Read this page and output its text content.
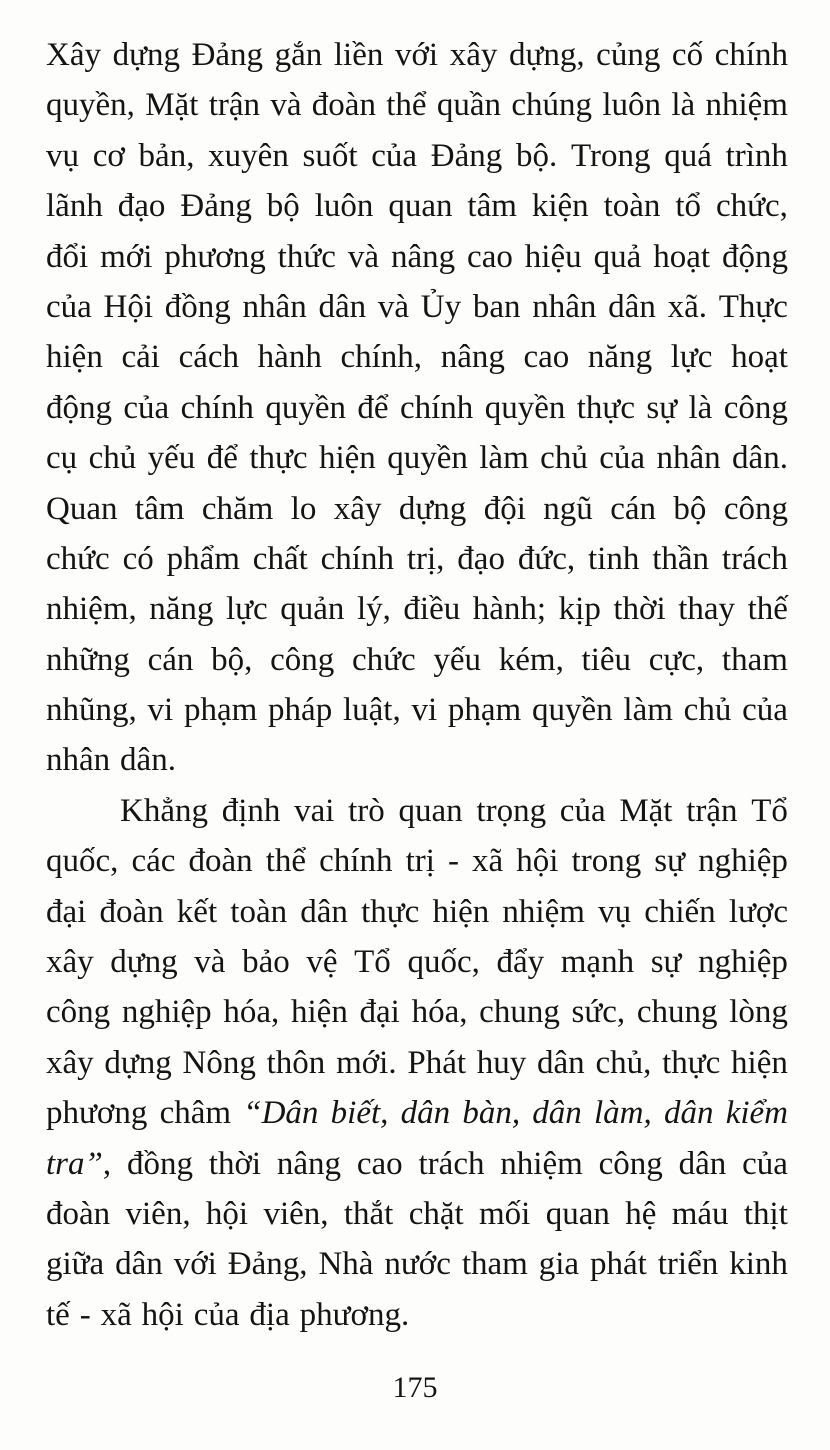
Xây dựng Đảng gắn liền với xây dựng, củng cố chính
quyền, Mặt trận và đoàn thể quần chúng luôn là nhiệm
vụ cơ bản, xuyên suốt của Đảng bộ. Trong quá trình
lãnh đạo Đảng bộ luôn quan tâm kiện toàn tổ chức,
đổi mới phương thức và nâng cao hiệu quả hoạt động
của Hội đồng nhân dân và Ủy ban nhân dân xã. Thực
hiện cải cách hành chính, nâng cao năng lực hoạt
động của chính quyền để chính quyền thực sự là công
cụ chủ yếu để thực hiện quyền làm chủ của nhân dân.
Quan tâm chăm lo xây dựng đội ngũ cán bộ công
chức có phẩm chất chính trị, đạo đức, tinh thần trách
nhiệm, năng lực quản lý, điều hành; kịp thời thay thế
những cán bộ, công chức yếu kém, tiêu cực, tham
nhũng, vi phạm pháp luật, vi phạm quyền làm chủ của
nhân dân.
Khẳng định vai trò quan trọng của Mặt trận Tổ
quốc, các đoàn thể chính trị - xã hội trong sự nghiệp
đại đoàn kết toàn dân thực hiện nhiệm vụ chiến lược
xây dựng và bảo vệ Tổ quốc, đẩy mạnh sự nghiệp
công nghiệp hóa, hiện đại hóa, chung sức, chung lòng
xây dựng Nông thôn mới. Phát huy dân chủ, thực hiện
phương châm “Dân biết, dân bàn, dân làm, dân kiểm
tra”, đồng thời nâng cao trách nhiệm công dân của
đoàn viên, hội viên, thắt chặt mối quan hệ máu thịt
giữa dân với Đảng, Nhà nước tham gia phát triển kinh
tế - xã hội của địa phương.
175
